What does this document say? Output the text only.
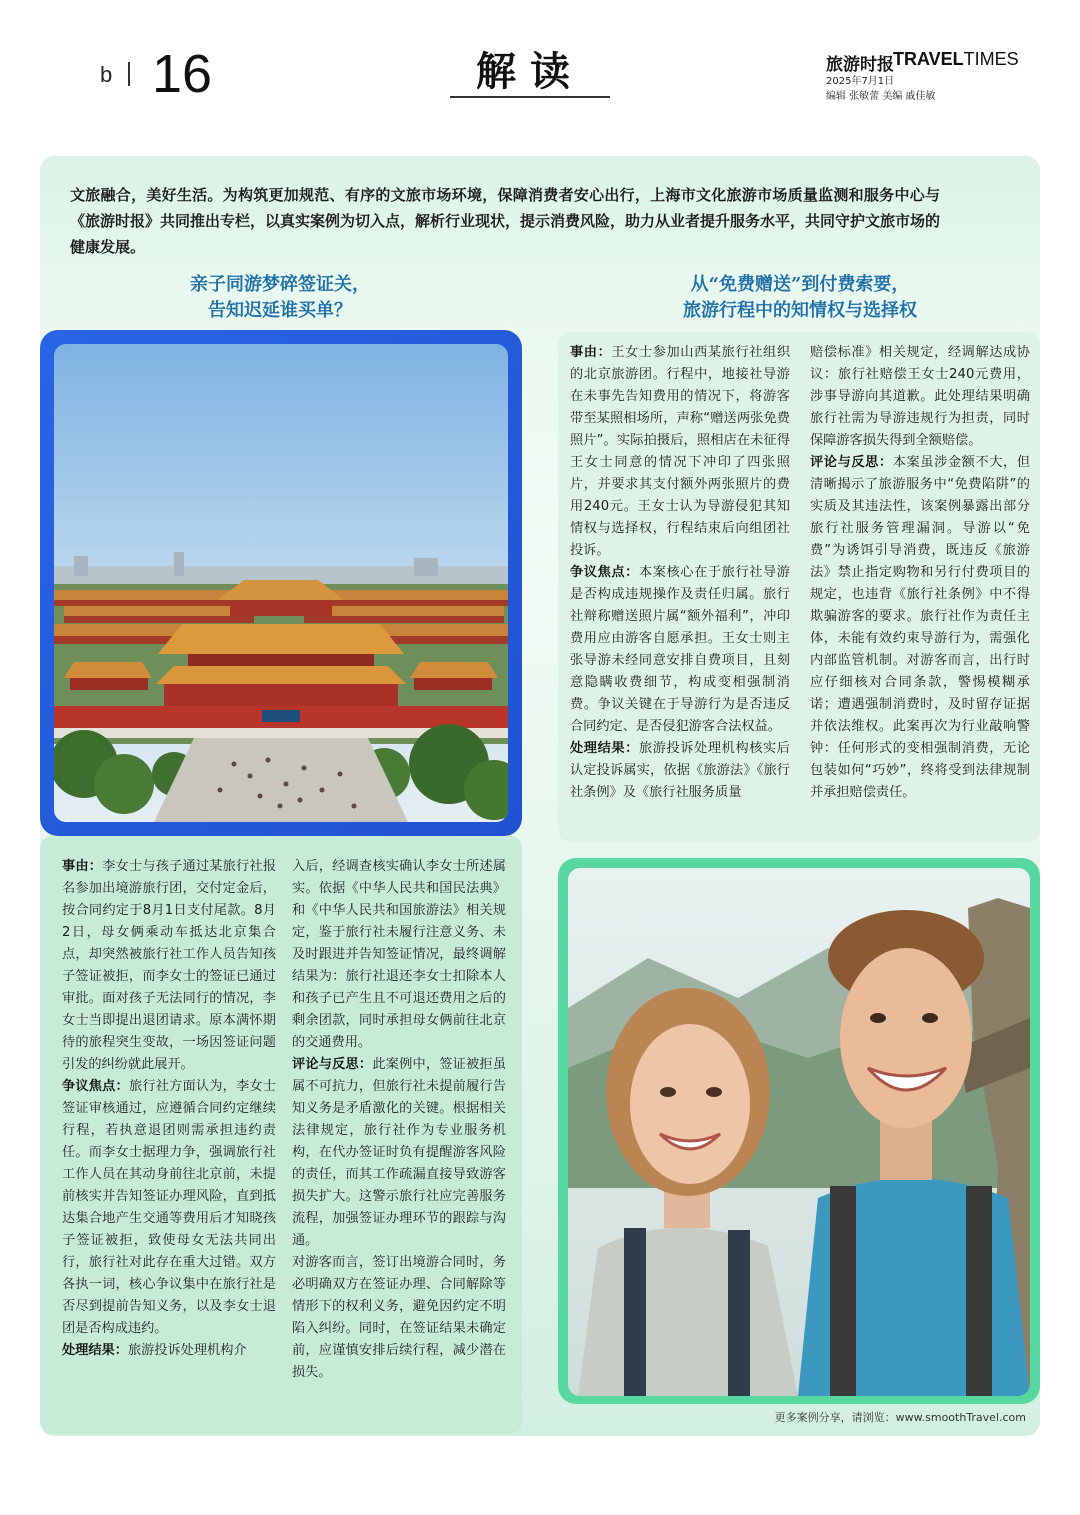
b 16	解读	旅游时报 TRAVELTIMES
2025年7月1日
编辑 张敏蕾 美编 戚佳敏
文旅融合，美好生活。为构筑更加规范、有序的文旅市场环境，保障消费者安心出行，上海市文化旅游市场质量监测和服务中心与《旅游时报》共同推出专栏，以真实案例为切入点，解析行业现状，提示消费风险，助力从业者提升服务水平，共同守护文旅市场的健康发展。
亲子同游梦碎签证关，
告知迟延谁买单？
从“免费赠送”到付费索要，
旅游行程中的知情权与选择权

事由：李女士与孩子通过某旅行社报名参加出境游旅行团，交付定金后，按合同约定于8月1日支付尾款。8月2日，母女俩乘动车抵达北京集合点，却突然被旅行社工作人员告知孩子签证被拒，而李女士的签证已通过审批。面对孩子无法同行的情况，李女士当即提出退团请求。原本满怀期待的旅程突生变故，一场因签证问题引发的纠纷就此展开。

争议焦点：旅行社方面认为，李女士签证审核通过，应遵循合同约定继续行程，若执意退团则需承担违约责任。而李女士据理力争，强调旅行社工作人员在其动身前往北京前，未提前核实并告知签证办理风险，直到抵达集合地产生交通等费用后才知晓孩子签证被拒，致使母女无法共同出行，旅行社对此存在重大过错。双方各执一词，核心争议集中在旅行社是否尽到提前告知义务，以及李女士退团是否构成违约。

处理结果：旅游投诉处理机构介

入后，经调查核实确认李女士所述属实。依据《中华人民共和国民法典》和《中华人民共和国旅游法》相关规定，鉴于旅行社未履行注意义务、未及时跟进并告知签证情况，最终调解结果为：旅行社退还李女士扣除本人和孩子已产生且不可退还费用之后的剩余团款，同时承担母女俩前往北京的交通费用。

评论与反思：此案例中，签证被拒虽属不可抗力，但旅行社未提前履行告知义务是矛盾激化的关键。根据相关法律规定，旅行社作为专业服务机构，在代办签证时负有提醒游客风险的责任，而其工作疏漏直接导致游客损失扩大。这警示旅行社应完善服务流程，加强签证办理环节的跟踪与沟通。

对游客而言，签订出境游合同时，务必明确双方在签证办理、合同解除等情形下的权利义务，避免因约定不明陷入纠纷。同时，在签证结果未确定前，应谨慎安排后续行程，减少潜在损失。

事由：王女士参加山西某旅行社组织的北京旅游团。行程中，地接社导游在未事先告知费用的情况下，将游客带至某照相场所，声称“赠送两张免费照片”。实际拍摄后，照相店在未征得王女士同意的情况下冲印了四张照片，并要求其支付额外两张照片的费用240元。王女士认为导游侵犯其知情权与选择权，行程结束后向组团社投诉。

争议焦点：本案核心在于旅行社导游是否构成违规操作及责任归属。旅行社辩称赠送照片属“额外福利”，冲印费用应由游客自愿承担。王女士则主张导游未经同意安排自费项目，且刻意隐瞒收费细节，构成变相强制消费。争议关键在于导游行为是否违反合同约定、是否侵犯游客合法权益。

处理结果：旅游投诉处理机构核实后认定投诉属实，依据《旅游法》《旅行社条例》及《旅行社服务质量

赔偿标准》相关规定，经调解达成协议：旅行社赔偿王女士240元费用，涉事导游向其道歉。此处理结果明确旅行社需为导游违规行为担责，同时保障游客损失得到全额赔偿。

评论与反思：本案虽涉金额不大，但清晰揭示了旅游服务中“免费陷阱”的实质及其违法性，该案例暴露出部分旅行社服务管理漏洞。导游以“免费”为诱饵引导消费，既违反《旅游法》禁止指定购物和另行付费项目的规定，也违背《旅行社条例》中不得欺骗游客的要求。旅行社作为责任主体，未能有效约束导游行为，需强化内部监管机制。对游客而言，出行时应仔细核对合同条款，警惕模糊承诺；遭遇强制消费时，及时留存证据并依法维权。此案再次为行业敲响警钟：任何形式的变相强制消费，无论包装如何“巧妙”，终将受到法律规制并承担赔偿责任。

更多案例分享，请浏览：www.smoothTravel.com
